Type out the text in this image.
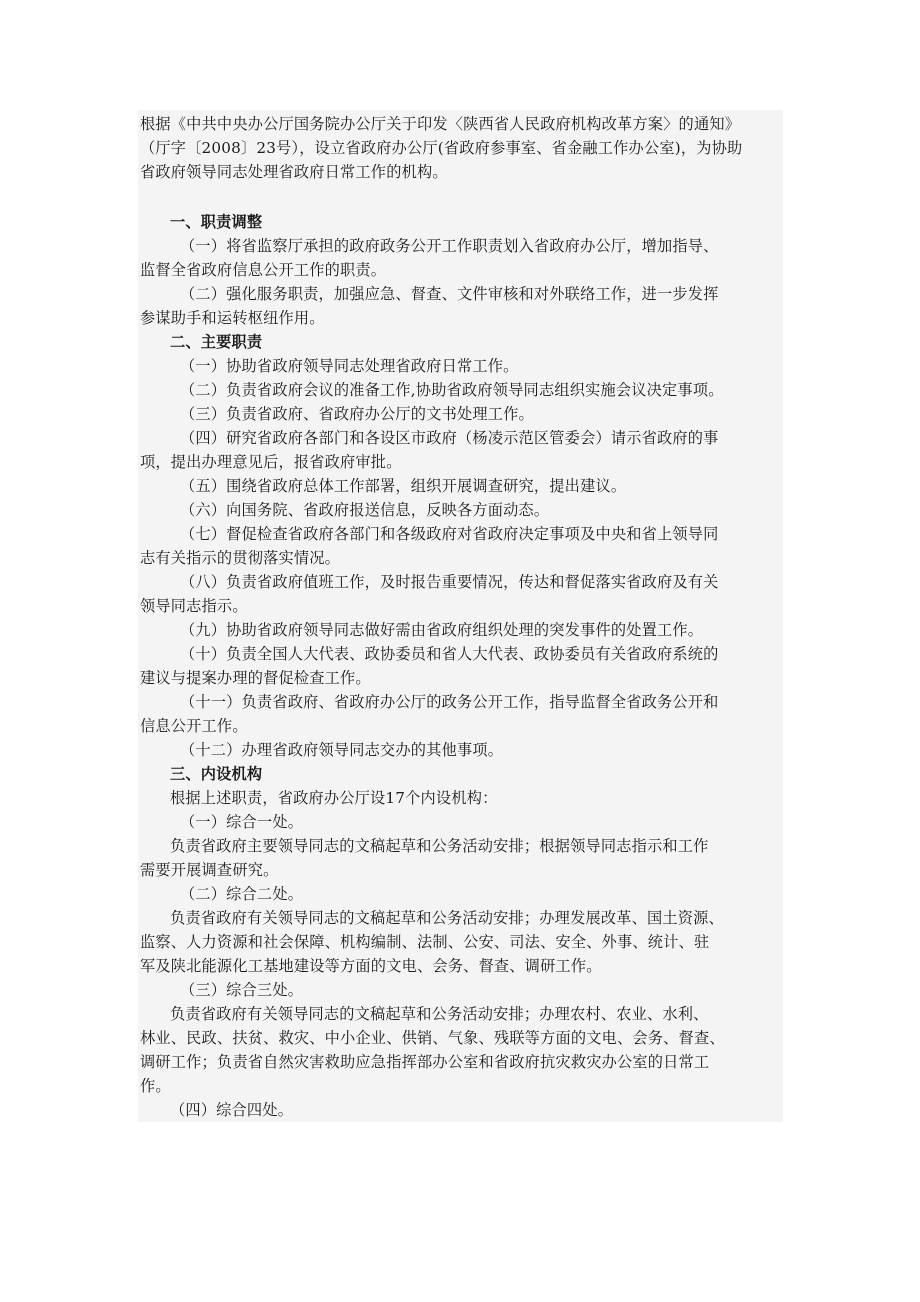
根据《中共中央办公厅国务院办公厅关于印发〈陕西省人民政府机构改革方案〉的通知》
（厅字〔2008〕23号），设立省政府办公厅(省政府参事室、省金融工作办公室)，为协助
省政府领导同志处理省政府日常工作的机构。
一、职责调整
（一）将省监察厅承担的政府政务公开工作职责划入省政府办公厅，增加指导、
监督全省政府信息公开工作的职责。
（二）强化服务职责，加强应急、督查、文件审核和对外联络工作，进一步发挥
参谋助手和运转枢纽作用。
二、主要职责
（一）协助省政府领导同志处理省政府日常工作。
（二）负责省政府会议的准备工作,协助省政府领导同志组织实施会议决定事项。
（三）负责省政府、省政府办公厅的文书处理工作。
（四）研究省政府各部门和各设区市政府（杨凌示范区管委会）请示省政府的事
项，提出办理意见后，报省政府审批。
（五）围绕省政府总体工作部署，组织开展调查研究，提出建议。
（六）向国务院、省政府报送信息，反映各方面动态。
（七）督促检查省政府各部门和各级政府对省政府决定事项及中央和省上领导同
志有关指示的贯彻落实情况。
（八）负责省政府值班工作，及时报告重要情况，传达和督促落实省政府及有关
领导同志指示。
（九）协助省政府领导同志做好需由省政府组织处理的突发事件的处置工作。
（十）负责全国人大代表、政协委员和省人大代表、政协委员有关省政府系统的
建议与提案办理的督促检查工作。
（十一）负责省政府、省政府办公厅的政务公开工作，指导监督全省政务公开和
信息公开工作。
（十二）办理省政府领导同志交办的其他事项。
三、内设机构
根据上述职责，省政府办公厅设17个内设机构：
（一）综合一处。
负责省政府主要领导同志的文稿起草和公务活动安排；根据领导同志指示和工作
需要开展调查研究。
（二）综合二处。
负责省政府有关领导同志的文稿起草和公务活动安排；办理发展改革、国土资源、
监察、人力资源和社会保障、机构编制、法制、公安、司法、安全、外事、统计、驻
军及陕北能源化工基地建设等方面的文电、会务、督查、调研工作。
（三）综合三处。
负责省政府有关领导同志的文稿起草和公务活动安排；办理农村、农业、水利、
林业、民政、扶贫、救灾、中小企业、供销、气象、残联等方面的文电、会务、督查、
调研工作；负责省自然灾害救助应急指挥部办公室和省政府抗灾救灾办公室的日常工
作。
（四）综合四处。
